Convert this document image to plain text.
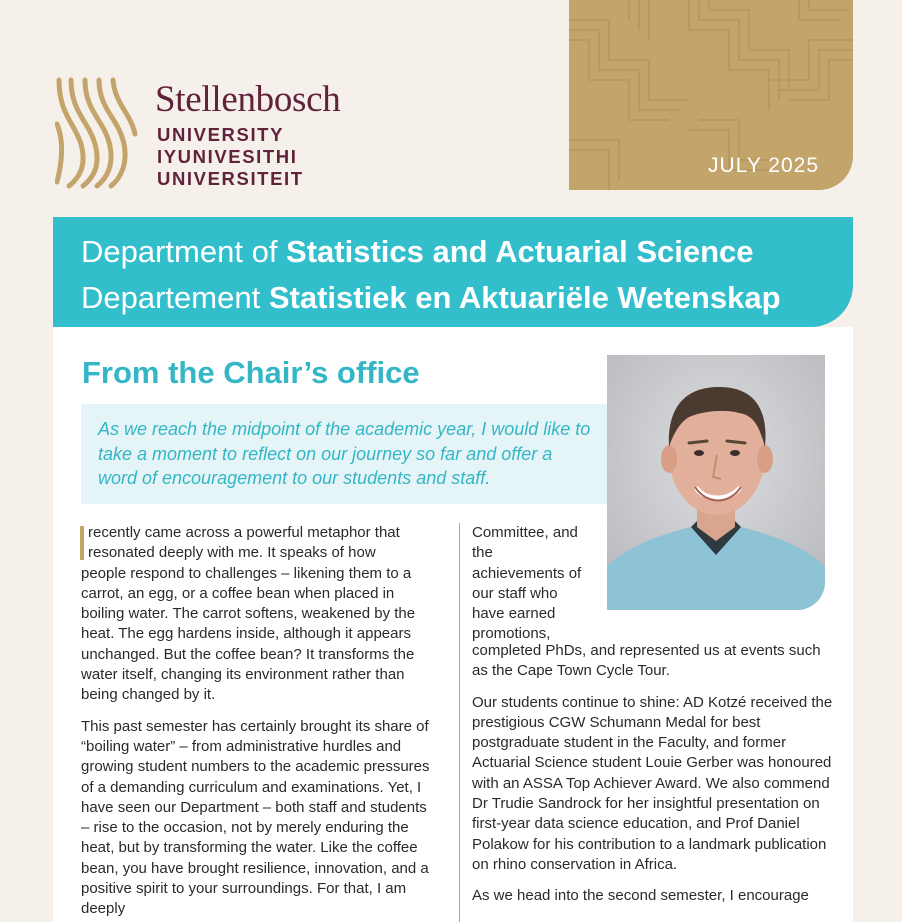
Stellenbosch
UNIVERSITY
IYUNIVESITHI
UNIVERSITEIT
JULY 2025
Department of Statistics and Actuarial Science
Departement Statistiek en Aktuariële Wetenskap
From the Chair’s office

As we reach the midpoint of the academic year, I would like to take a moment to reflect on our journey so far and offer a word of encouragement to our students and staff.

recently came across a powerful metaphor that
resonated deeply with me. It speaks of how

people respond to challenges – likening them to a carrot, an egg, or a coffee bean when placed in boiling water. The carrot softens, weakened by the heat. The egg hardens inside, although it appears unchanged. But the coffee bean? It transforms the water itself, changing its environment rather than being changed by it.

This past semester has certainly brought its share of “boiling water” – from administrative hurdles and growing student numbers to the academic pressures of a demanding curriculum and examinations. Yet, I have seen our Department – both staff and students – rise to the occasion, not by merely enduring the heat, but by transforming the water. Like the coffee bean, you have brought resilience, innovation, and a positive spirit to your surroundings. For that, I am deeply

Committee, and the achievements of our staff who have earned promotions,

completed PhDs, and represented us at events such as the Cape Town Cycle Tour.

Our students continue to shine: AD Kotzé received the prestigious CGW Schumann Medal for best postgraduate student in the Faculty, and former Actuarial Science student Louie Gerber was honoured with an ASSA Top Achiever Award. We also commend Dr Trudie Sandrock for her insightful presentation on first-year data science education, and Prof Daniel Polakow for his contribution to a landmark publication on rhino conservation in Africa.

As we head into the second semester, I encourage
